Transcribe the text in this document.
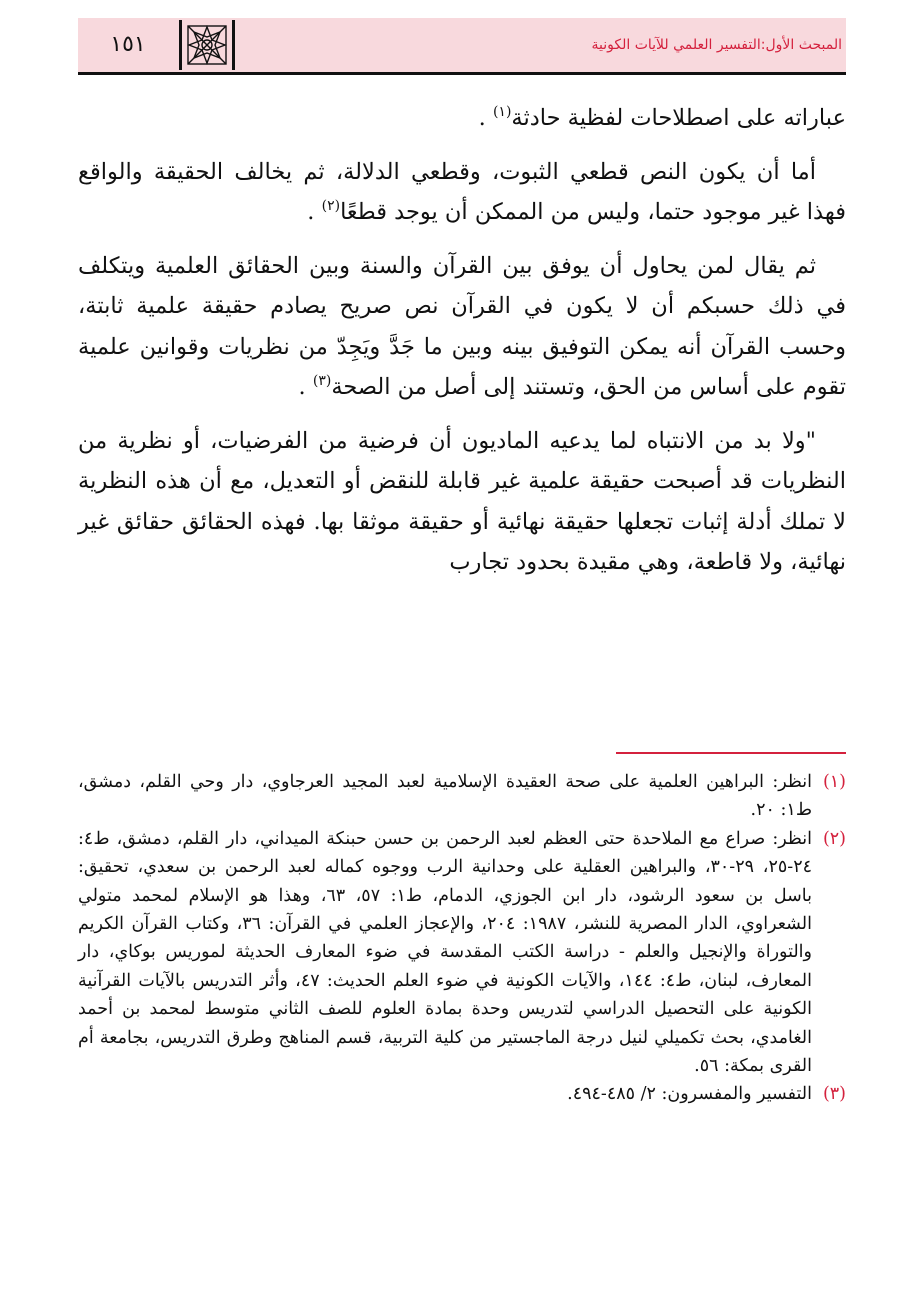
المبحث الأول:التفسير العلمي للآيات الكونية
١٥١

عباراته على اصطلاحات لفظية حادثة$^{(١)}$ .

أما أن يكون النص قطعي الثبوت، وقطعي الدلالة، ثم يخالف الحقيقة والواقع فهذا غير موجود حتما، وليس من الممكن أن يوجد قطعًا$^{(٢)}$ .

ثم يقال لمن يحاول أن يوفق بين القرآن والسنة وبين الحقائق العلمية ويتكلف في ذلك حسبكم أن لا يكون في القرآن نص صريح يصادم حقيقة علمية ثابتة، وحسب القرآن أنه يمكن التوفيق بينه وبين ما جَدَّ ويَجِدّ من نظريات وقوانين علمية تقوم على أساس من الحق، وتستند إلى أصل من الصحة$^{(٣)}$ .

"ولا بد من الانتباه لما يدعيه الماديون أن فرضية من الفرضيات، أو نظرية من النظريات قد أصبحت حقيقة علمية غير قابلة للنقض أو التعديل، مع أن هذه النظرية لا تملك أدلة إثبات تجعلها حقيقة نهائية أو حقيقة موثقا بها. فهذه الحقائق حقائق غير نهائية، ولا قاطعة، وهي مقيدة بحدود تجارب

(١)
انظر: البراهين العلمية على صحة العقيدة الإسلامية لعبد المجيد العرجاوي، دار وحي القلم، دمشق، ط١: ٢٠.
(٢)
انظر: صراع مع الملاحدة حتى العظم لعبد الرحمن بن حسن حبنكة الميداني، دار القلم، دمشق، ط٤: ٢٤-٢٥، ٢٩-٣٠، والبراهين العقلية على وحدانية الرب ووجوه كماله لعبد الرحمن بن سعدي، تحقيق: باسل بن سعود الرشود، دار ابن الجوزي، الدمام، ط١: ٥٧، ٦٣، وهذا هو الإسلام لمحمد متولي الشعراوي، الدار المصرية للنشر، ١٩٨٧: ٢٠٤، والإعجاز العلمي في القرآن: ٣٦، وكتاب القرآن الكريم والتوراة والإنجيل والعلم - دراسة الكتب المقدسة في ضوء المعارف الحديثة لموريس بوكاي، دار المعارف، لبنان، ط٤: ١٤٤، والآيات الكونية في ضوء العلم الحديث: ٤٧، وأثر التدريس بالآيات القرآنية الكونية على التحصيل الدراسي لتدريس وحدة بمادة العلوم للصف الثاني متوسط لمحمد بن أحمد الغامدي، بحث تكميلي لنيل درجة الماجستير من كلية التربية، قسم المناهج وطرق التدريس، بجامعة أم القرى بمكة: ٥٦.
(٣)
التفسير والمفسرون: ٢/ ٤٨٥-٤٩٤.
